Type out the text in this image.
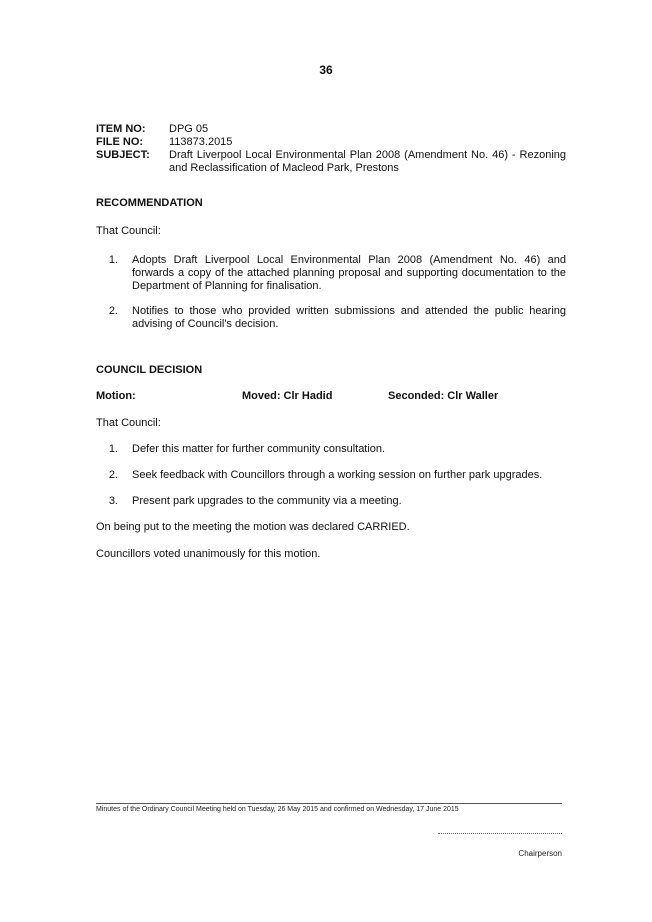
36
ITEM NO:	DPG 05
FILE NO:	113873.2015
SUBJECT:	Draft Liverpool Local Environmental Plan 2008 (Amendment No. 46) - Rezoning and Reclassification of Macleod Park, Prestons
RECOMMENDATION
That Council:
1.	Adopts Draft Liverpool Local Environmental Plan 2008 (Amendment No. 46) and forwards a copy of the attached planning proposal and supporting documentation to the Department of Planning for finalisation.
2.	Notifies to those who provided written submissions and attended the public hearing advising of Council's decision.
COUNCIL DECISION
Motion:	Moved: Clr Hadid	Seconded: Clr Waller
That Council:
1.	Defer this matter for further community consultation.
2.	Seek feedback with Councillors through a working session on further park upgrades.
3.	Present park upgrades to the community via a meeting.
On being put to the meeting the motion was declared CARRIED.
Councillors voted unanimously for this motion.
Minutes of the Ordinary Council Meeting held on Tuesday, 26 May 2015 and confirmed on Wednesday, 17 June 2015
Chairperson
